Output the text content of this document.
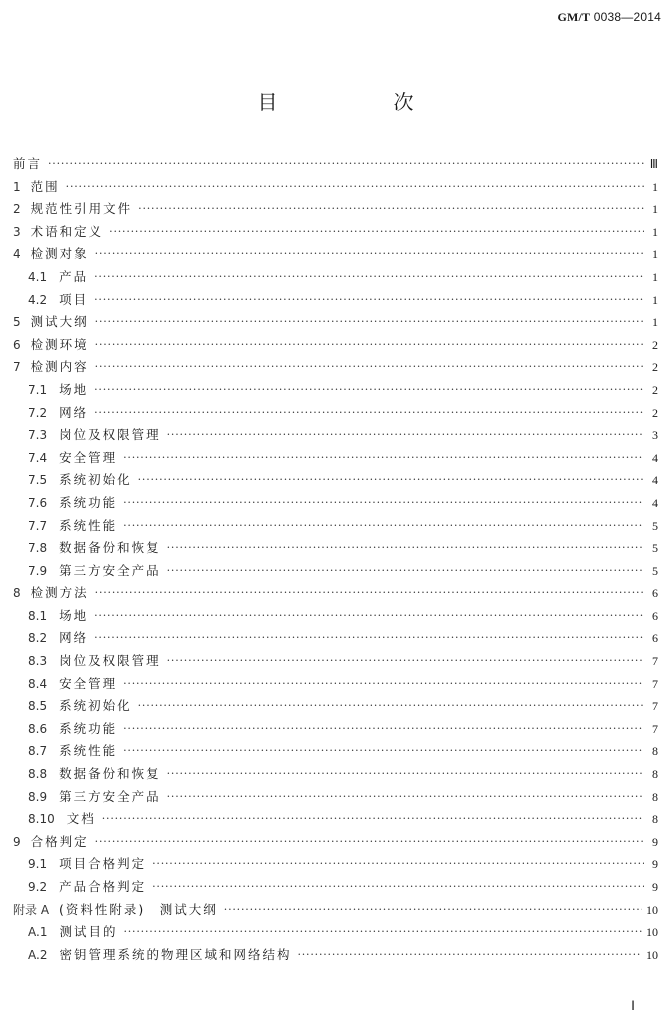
GM/T 0038—2014
目　次
前言 ·····	Ⅲ
1 范围 ·····	1
2 规范性引用文件 ·····	1
3 术语和定义 ·····	1
4 检测对象 ·····	1
4.1 产品 ·····	1
4.2 项目 ·····	1
5 测试大纲 ·····	1
6 检测环境 ·····	2
7 检测内容 ·····	2
7.1 场地 ·····	2
7.2 网络 ·····	2
7.3 岗位及权限管理 ·····	3
7.4 安全管理 ·····	4
7.5 系统初始化 ·····	4
7.6 系统功能 ·····	4
7.7 系统性能 ·····	5
7.8 数据备份和恢复 ·····	5
7.9 第三方安全产品 ·····	5
8 检测方法 ·····	6
8.1 场地 ·····	6
8.2 网络 ·····	6
8.3 岗位及权限管理 ·····	7
8.4 安全管理 ·····	7
8.5 系统初始化 ·····	7
8.6 系统功能 ·····	7
8.7 系统性能 ·····	8
8.8 数据备份和恢复 ·····	8
8.9 第三方安全产品 ·····	8
8.10 文档 ·····	8
9 合格判定 ·····	9
9.1 项目合格判定 ·····	9
9.2 产品合格判定 ·····	9
附录 A (资料性附录)　测试大纲 ·····	10
A.1 测试目的 ·····	10
A.2 密钥管理系统的物理区域和网络结构 ·····	10
Ⅰ
